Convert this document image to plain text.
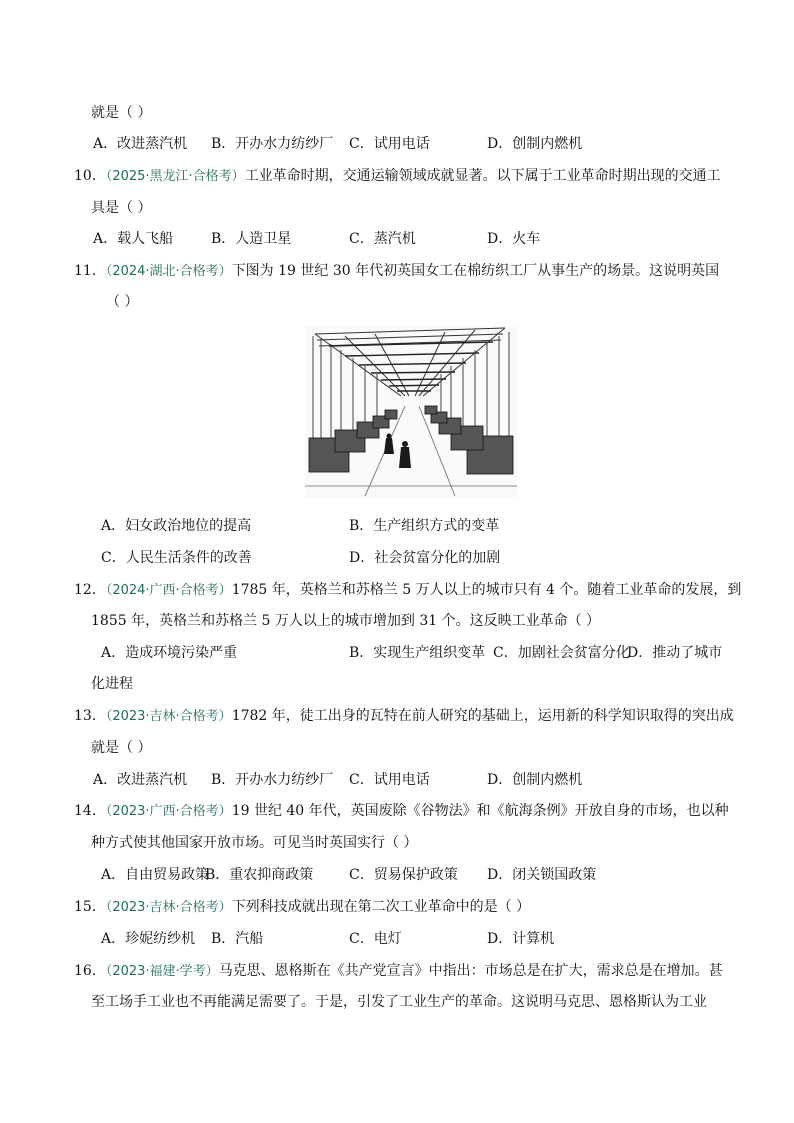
就是（ ）
A．改进蒸汽机 B．开办水力纺纱厂 C．试用电话	D．创制内燃机
10．（2025·黑龙江·合格考）工业革命时期，交通运输领域成就显著。以下属于工业革命时期出现的交通工
具是（ ）
A．载人飞船	B．人造卫星	C．蒸汽机	D．火车
11．（2024·湖北·合格考）下图为 19 世纪 30 年代初英国女工在棉纺织工厂从事生产的场景。这说明英国
（ ）
A．妇女政治地位的提高	B．生产组织方式的变革
C．人民生活条件的改善	D．社会贫富分化的加剧
12．（2024·广西·合格考）1785 年，英格兰和苏格兰 5 万人以上的城市只有 4 个。随着工业革命的发展，到
1855 年，英格兰和苏格兰 5 万人以上的城市增加到 31 个。这反映工业革命（ ）
A．造成环境污染严重	B．实现生产组织变革 C．加剧社会贫富分化
D．推动了城市
化进程
13．（2023·吉林·合格考）1782 年，徒工出身的瓦特在前人研究的基础上，运用新的科学知识取得的突出成
就是（ ）
A．改进蒸汽机 B．开办水力纺纱厂 C．试用电话	D．创制内燃机
14．（2023·广西·合格考）19 世纪 40 年代，英国废除《谷物法》和《航海条例》开放自身的市场，也以种
种方式使其他国家开放市场。可见当时英国实行（ ）
A．自由贸易政策
B．重农抑商政策	C．贸易保护政策 D．闭关锁国政策
15．（2023·吉林·合格考）下列科技成就出现在第二次工业革命中的是（ ）
A．珍妮纺纱机 B．汽船	C．电灯	D．计算机
16．（2023·福建·学考）马克思、恩格斯在《共产党宣言》中指出：市场总是在扩大，需求总是在增加。甚
至工场手工业也不再能满足需要了。于是，引发了工业生产的革命。这说明马克思、恩格斯认为工业
